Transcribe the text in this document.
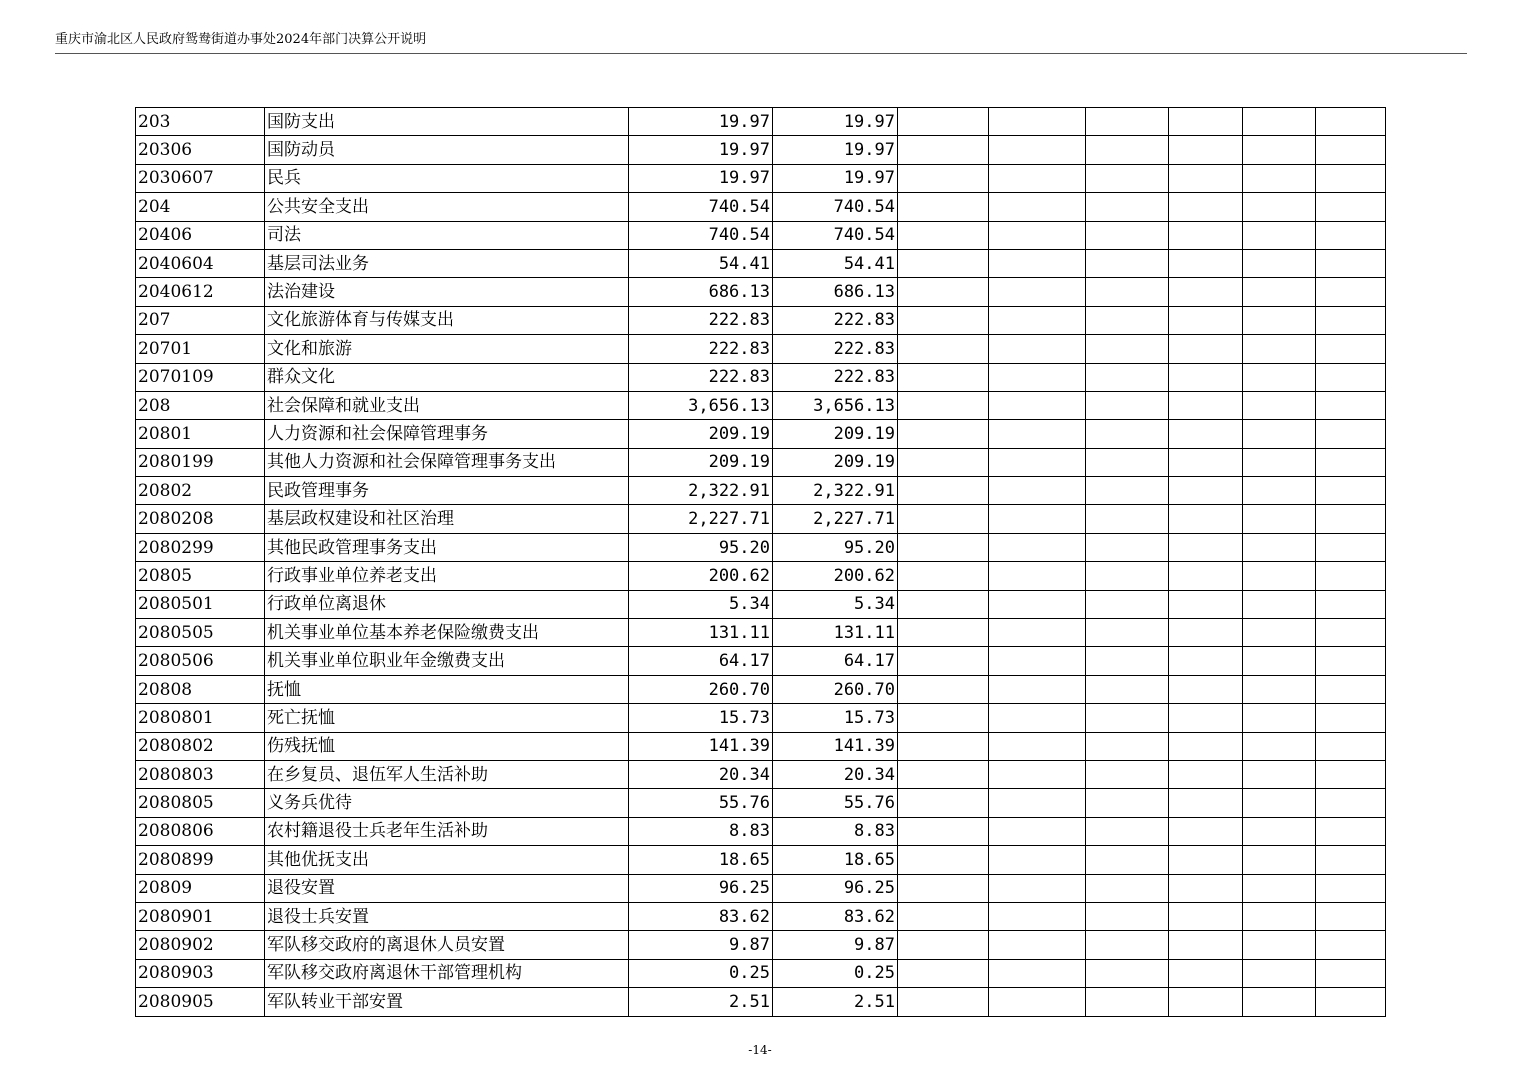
重庆市渝北区人民政府鸳鸯街道办事处2024年部门决算公开说明
203	国防支出	19.97	19.97						
20306	国防动员	19.97	19.97						
2030607	民兵	19.97	19.97						
204	公共安全支出	740.54	740.54						
20406	司法	740.54	740.54						
2040604	基层司法业务	54.41	54.41						
2040612	法治建设	686.13	686.13						
207	文化旅游体育与传媒支出	222.83	222.83						
20701	文化和旅游	222.83	222.83						
2070109	群众文化	222.83	222.83						
208	社会保障和就业支出	3,656.13	3,656.13						
20801	人力资源和社会保障管理事务	209.19	209.19						
2080199	其他人力资源和社会保障管理事务支出	209.19	209.19						
20802	民政管理事务	2,322.91	2,322.91						
2080208	基层政权建设和社区治理	2,227.71	2,227.71						
2080299	其他民政管理事务支出	95.20	95.20						
20805	行政事业单位养老支出	200.62	200.62						
2080501	行政单位离退休	5.34	5.34						
2080505	机关事业单位基本养老保险缴费支出	131.11	131.11						
2080506	机关事业单位职业年金缴费支出	64.17	64.17						
20808	抚恤	260.70	260.70						
2080801	死亡抚恤	15.73	15.73						
2080802	伤残抚恤	141.39	141.39						
2080803	在乡复员、退伍军人生活补助	20.34	20.34						
2080805	义务兵优待	55.76	55.76						
2080806	农村籍退役士兵老年生活补助	8.83	8.83						
2080899	其他优抚支出	18.65	18.65						
20809	退役安置	96.25	96.25						
2080901	退役士兵安置	83.62	83.62						
2080902	军队移交政府的离退休人员安置	9.87	9.87						
2080903	军队移交政府离退休干部管理机构	0.25	0.25						
2080905	军队转业干部安置	2.51	2.51						
-14-
